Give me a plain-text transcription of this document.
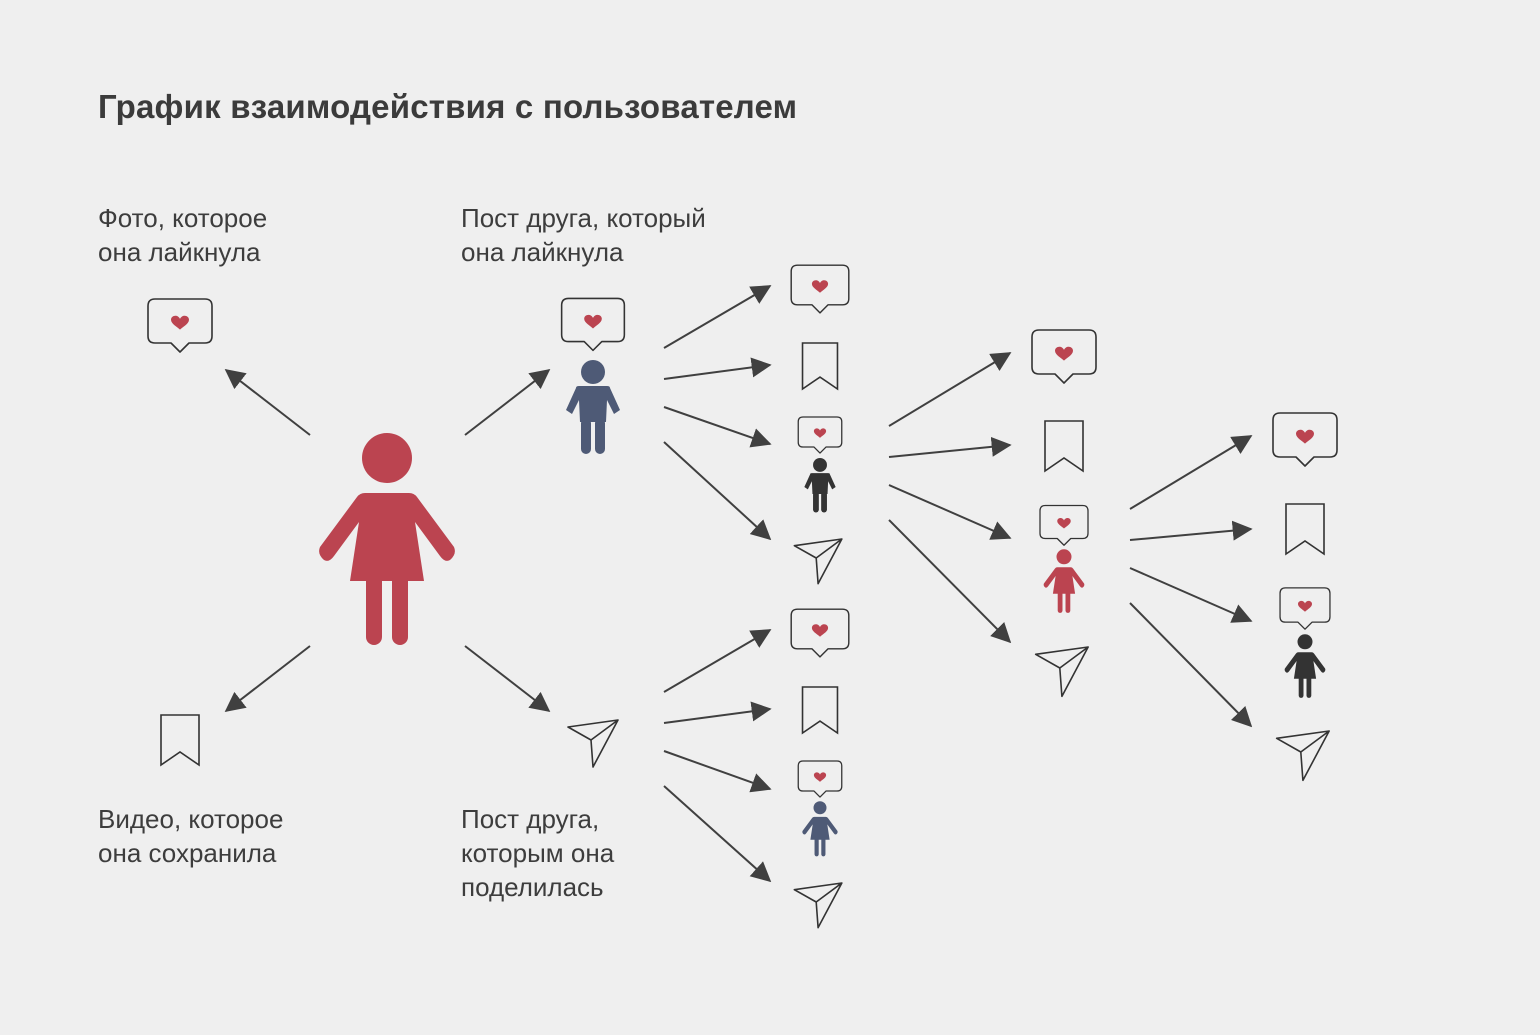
График взаимодействия с пользователем
Фото, которое
она лайкнула
Пост друга, который
она лайкнула
Видео, которое
она сохранила
Пост друга,
которым она
поделилась
